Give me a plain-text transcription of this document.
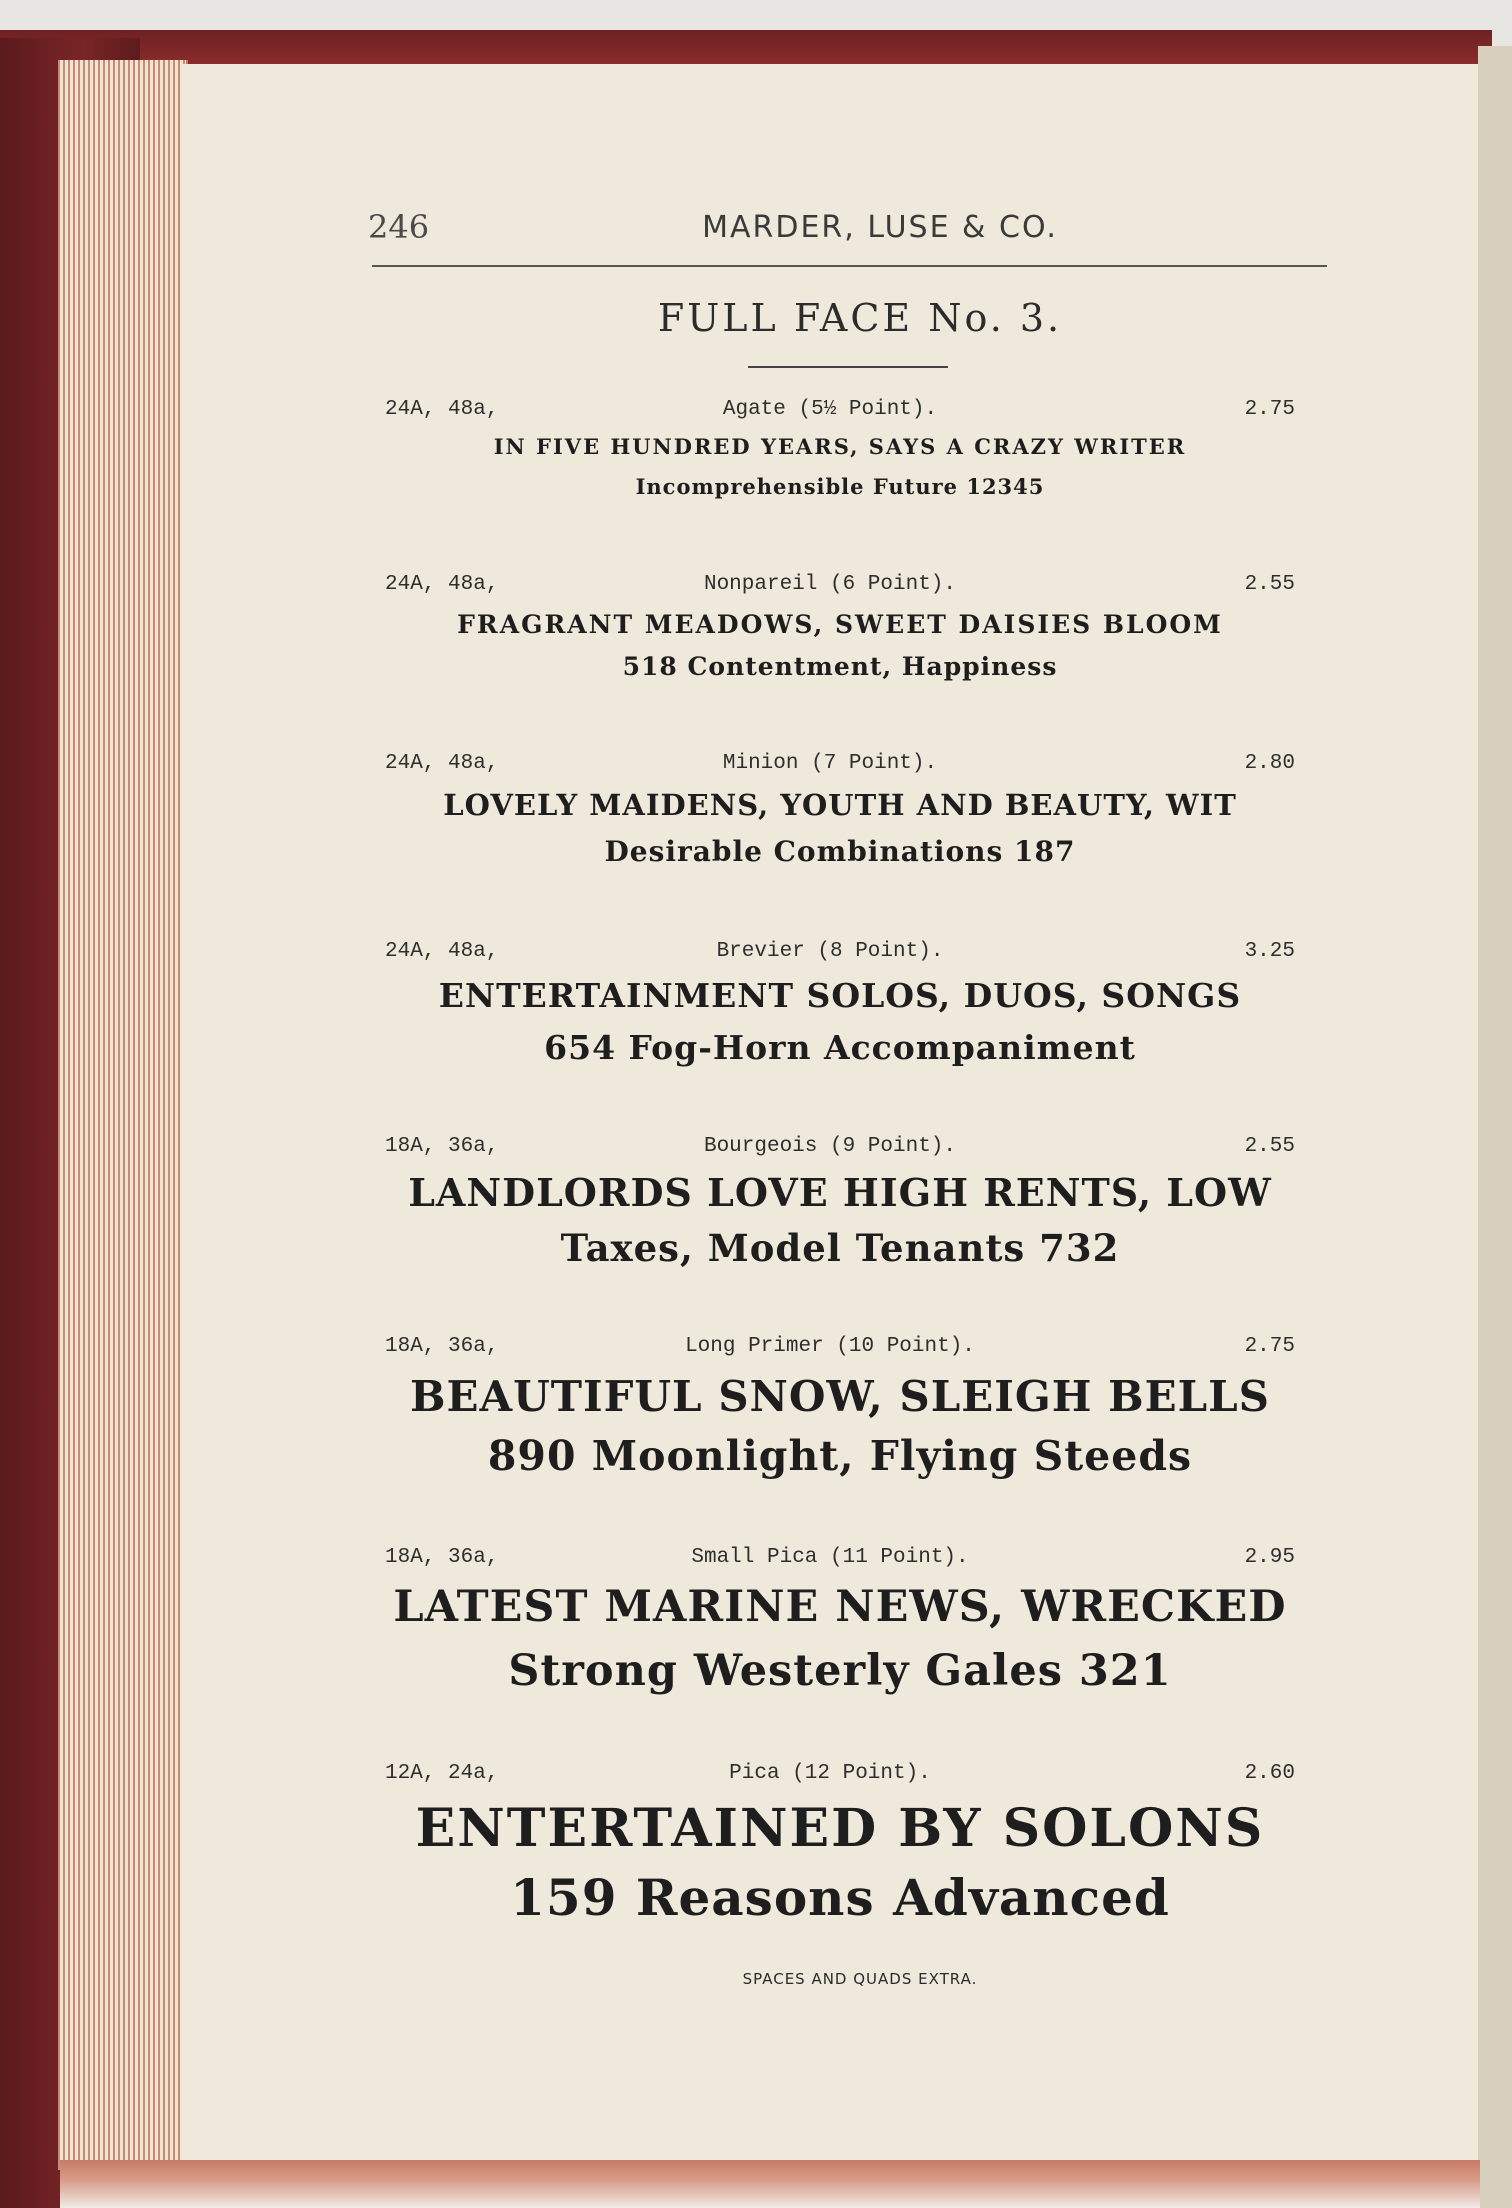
246	MARDER, LUSE & CO.
FULL FACE No. 3.
24A, 48a,	Agate (5½ Point).	2.75
IN FIVE HUNDRED YEARS, SAYS A CRAZY WRITER
Incomprehensible Future 12345
24A, 48a,	Nonpareil (6 Point).	2.55
FRAGRANT MEADOWS, SWEET DAISIES BLOOM
518 Contentment, Happiness
24A, 48a,	Minion (7 Point).	2.80
LOVELY MAIDENS, YOUTH AND BEAUTY, WIT
Desirable Combinations 187
24A, 48a,	Brevier (8 Point).	3.25
ENTERTAINMENT SOLOS, DUOS, SONGS
654 Fog-Horn Accompaniment
18A, 36a,	Bourgeois (9 Point).	2.55
LANDLORDS LOVE HIGH RENTS, LOW
Taxes, Model Tenants 732
18A, 36a,	Long Primer (10 Point).	2.75
BEAUTIFUL SNOW, SLEIGH BELLS
890 Moonlight, Flying Steeds
18A, 36a,	Small Pica (11 Point).	2.95
LATEST MARINE NEWS, WRECKED
Strong Westerly Gales 321
12A, 24a,	Pica (12 Point).	2.60
ENTERTAINED BY SOLONS
159 Reasons Advanced
SPACES AND QUADS EXTRA.
